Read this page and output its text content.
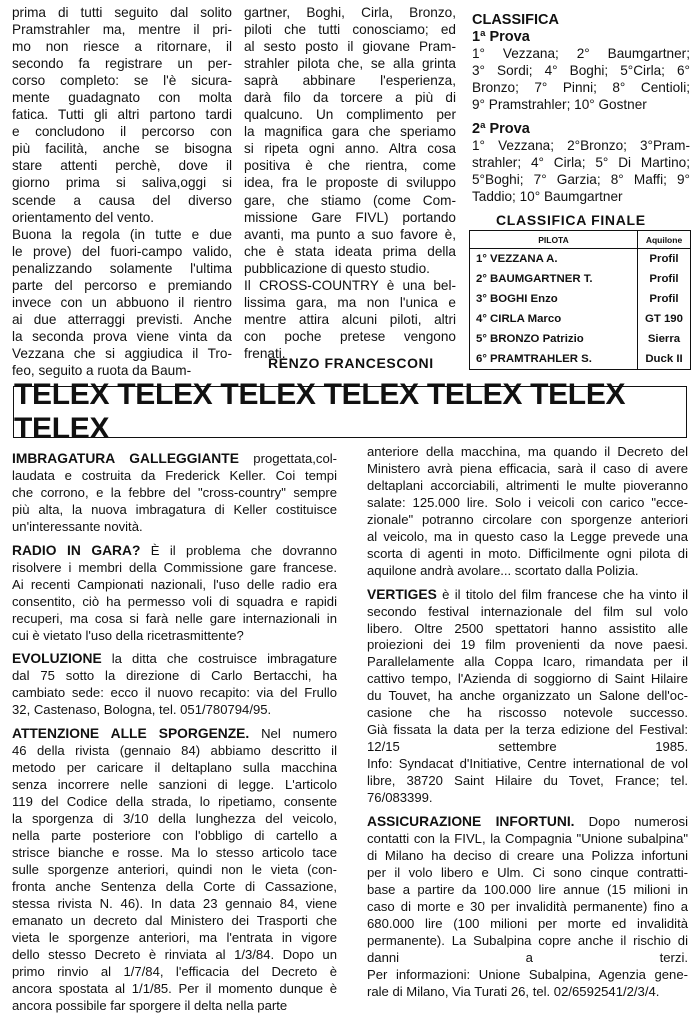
prima di tutti seguito dal solito
Pramstrahler ma, mentre il pri-
mo non riesce a ritornare, il
secondo fa registrare un per-
corso completo: se l'è sicura-
mente guadagnato con molta
fatica. Tutti gli altri partono tardi
e concludono il percorso con
più facilità, anche se bisogna
stare attenti perchè, dove il
giorno prima si saliva,oggi si
scende a causa del diverso
orientamento del vento.
Buona la regola (in tutte e due
le prove) del fuori-campo valido,
penalizzando solamente l'ultima
parte del percorso e premiando
invece con un abbuono il rientro
ai due atterraggi previsti. Anche
la seconda prova viene vinta da
Vezzana che si aggiudica il Tro-
feo, seguito a ruota da Baum-
gartner, Boghi, Cirla, Bronzo,
piloti che tutti conosciamo; ed
al sesto posto il giovane Pram-
strahler pilota che, se alla grinta
saprà abbinare l'esperienza,
darà filo da torcere a più di
qualcuno. Un complimento per
la magnifica gara che speriamo
si ripeta ogni anno. Altra cosa
positiva è che rientra, come
idea, fra le proposte di sviluppo
gare, che stiamo (come Com-
missione Gare FIVL) portando
avanti, ma punto a suo favore è,
che è stata ideata prima della
pubblicazione di questo studio.
Il CROSS-COUNTRY è una bel-
lissima gara, ma non l'unica e
mentre attira alcuni piloti, altri
con poche pretese vengono
frenati.
RENZO FRANCESCONI

CLASSIFICA

1ª Prova

1° Vezzana; 2° Baumgartner;
3° Sordi; 4° Boghi; 5°Cirla; 6°
Bronzo; 7° Pinni; 8° Centioli;
9° Pramstrahler; 10° Gostner

2ª Prova

1° Vezzana; 2°Bronzo; 3°Pram-
strahler; 4° Cirla; 5° Di Martino;
5°Boghi; 7° Garzia; 8° Maffi; 9°
Taddio; 10° Baumgartner
CLASSIFICA FINALE
PILOTA	Aquilone
1° VEZZANA A.	Profil
2° BAUMGARTNER T.	Profil
3° BOGHI Enzo	Profil
4° CIRLA Marco	GT 190
5° BRONZO Patrizio	Sierra
6° PRAMTRAHLER S.	Duck II
TELEX TELEX TELEX TELEX TELEX TELEX TELEX
IMBRAGATURA GALLEGGIANTE progettata,col-
laudata e costruita da Frederick Keller. Coi tempi
che corrono, e la febbre del "cross-country" sempre
più alta, la nuova imbragatura di Keller costituisce
un'interessante novità.
RADIO IN GARA? È il problema che dovranno
risolvere i membri della Commissione gare francese.
Ai recenti Campionati nazionali, l'uso delle radio era
consentito, ciò ha permesso voli di squadra e rapidi
recuperi, ma cosa si farà nelle gare internazionali in
cui è vietato l'uso della ricetrasmittente?
EVOLUZIONE la ditta che costruisce imbragature
dal 75 sotto la direzione di Carlo Bertacchi, ha
cambiato sede: ecco il nuovo recapito: via del Frullo
32, Castenaso, Bologna, tel. 051/780794/95.
ATTENZIONE ALLE SPORGENZE. Nel numero
46 della rivista (gennaio 84) abbiamo descritto il
metodo per caricare il deltaplano sulla macchina
senza incorrere nelle sanzioni di legge. L'articolo
119 del Codice della strada, lo ripetiamo, consente
la sporgenza di 3/10 della lunghezza del veicolo,
nella parte posteriore con l'obbligo di cartello a
strisce bianche e rosse. Ma lo stesso articolo tace
sulle sporgenze anteriori, quindi non le vieta (con-
fronta anche Sentenza della Corte di Cassazione,
stessa rivista N. 46). In data 23 gennaio 84, viene
emanato un decreto dal Ministero dei Trasporti che
vieta le sporgenze anteriori, ma l'entrata in vigore
dello stesso Decreto è rinviata al 1/3/84. Dopo un
primo rinvio al 1/7/84, l'efficacia del Decreto è
ancora spostata al 1/1/85. Per il momento dunque è
ancora possibile far sporgere il delta nella parte
anteriore della macchina, ma quando il Decreto del
Ministero avrà piena efficacia, sarà il caso di avere
deltaplani accorciabili, altrimenti le multe pioveranno
salate: 125.000 lire. Solo i veicoli con carico "ecce-
zionale" potranno circolare con sporgenze anteriori
al veicolo, ma in questo caso la Legge prevede una
scorta di agenti in moto. Difficilmente ogni pilota di
aquilone andrà avolare... scortato dalla Polizia.
VERTIGES è il titolo del film francese che ha vinto il
secondo festival internazionale del film sul volo
libero. Oltre 2500 spettatori hanno assistito alle
proiezioni dei 19 film provenienti da nove paesi.
Parallelamente alla Coppa Icaro, rimandata per il
cattivo tempo, l'Azienda di soggiorno di Saint Hilaire
du Touvet, ha anche organizzato un Salone dell'oc-
casione che ha riscosso notevole successo.
Già fissata la data per la terza edizione del Festival:
12/15 settembre 1985.
Info: Syndacat d'Initiative, Centre international de vol
libre, 38720 Saint Hilaire du Tovet, France; tel.
76/083399.
ASSICURAZIONE INFORTUNI. Dopo numerosi
contatti con la FIVL, la Compagnia "Unione subalpina"
di Milano ha deciso di creare una Polizza infortuni
per il volo libero e Ulm. Ci sono cinque contratti-
base a partire da 100.000 lire annue (15 milioni in
caso di morte e 30 per invalidità permanente) fino a
680.000 lire (100 milioni per morte ed invalidità
permanente). La Subalpina copre anche il rischio di
danni a terzi.
Per informazioni: Unione Subalpina, Agenzia gene-
rale di Milano, Via Turati 26, tel. 02/6592541/2/3/4.
